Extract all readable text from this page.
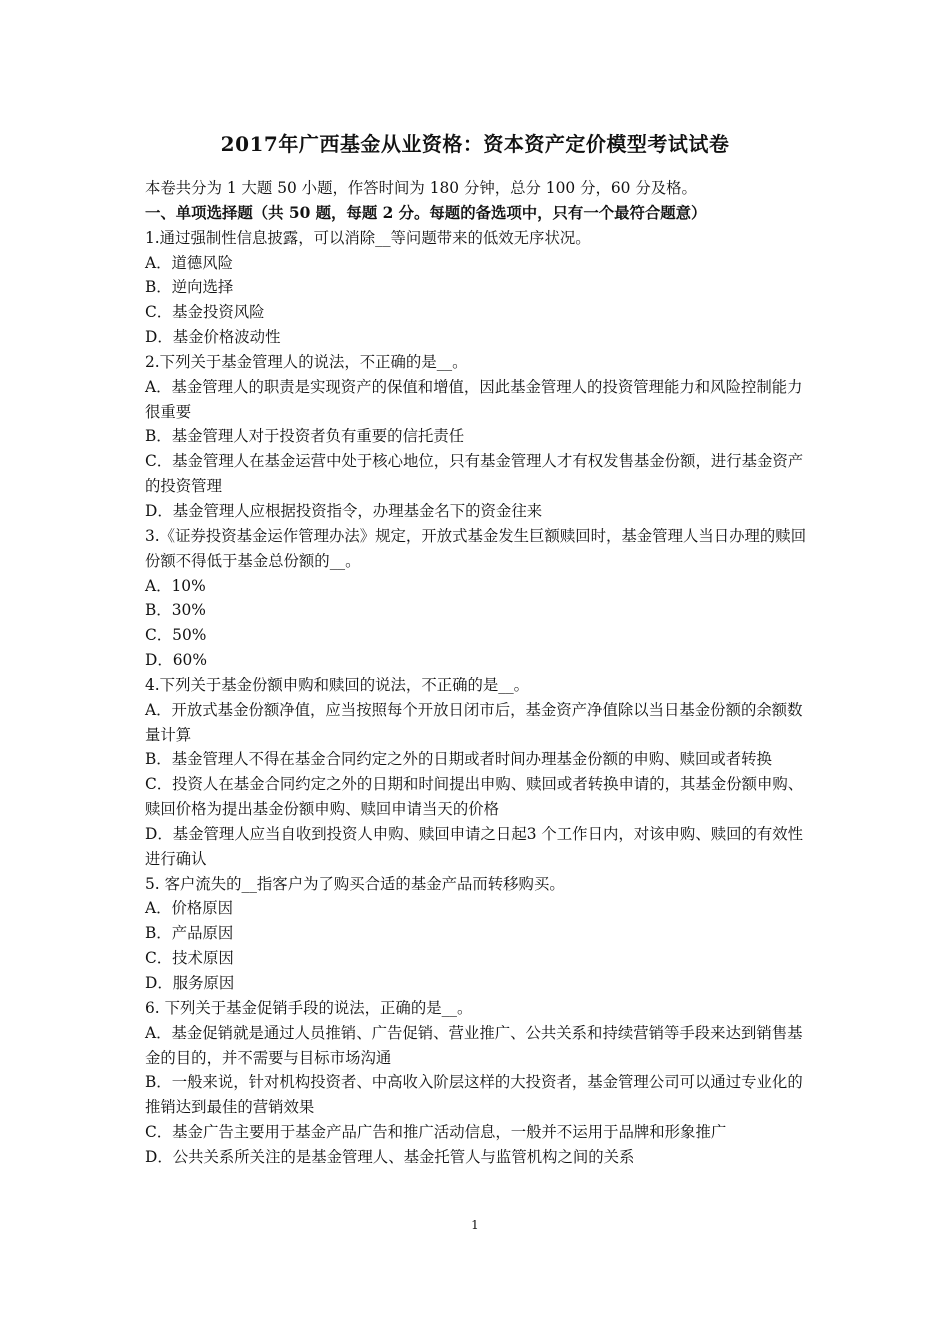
2017年广西基金从业资格：资本资产定价模型考试试卷

本卷共分为 1 大题 50 小题，作答时间为 180 分钟，总分 100 分，60 分及格。

一、单项选择题（共 50 题，每题 2 分。每题的备选项中，只有一个最符合题意）

1.通过强制性信息披露，可以消除__等问题带来的低效无序状况。

A．道德风险

B．逆向选择

C．基金投资风险

D．基金价格波动性

2.下列关于基金管理人的说法，不正确的是__。

A．基金管理人的职责是实现资产的保值和增值，因此基金管理人的投资管理能力和风险控制能力很重要

B．基金管理人对于投资者负有重要的信托责任

C．基金管理人在基金运营中处于核心地位，只有基金管理人才有权发售基金份额，进行基金资产的投资管理

D．基金管理人应根据投资指令，办理基金名下的资金往来

3.《证券投资基金运作管理办法》规定，开放式基金发生巨额赎回时，基金管理人当日办理的赎回份额不得低于基金总份额的__。

A．10%

B．30%

C．50%

D．60%

4.下列关于基金份额申购和赎回的说法，不正确的是__。

A．开放式基金份额净值，应当按照每个开放日闭市后，基金资产净值除以当日基金份额的余额数量计算

B．基金管理人不得在基金合同约定之外的日期或者时间办理基金份额的申购、赎回或者转换

C．投资人在基金合同约定之外的日期和时间提出申购、赎回或者转换申请的，其基金份额申购、赎回价格为提出基金份额申购、赎回申请当天的价格

D．基金管理人应当自收到投资人申购、赎回申请之日起3 个工作日内，对该申购、赎回的有效性进行确认

5. 客户流失的__指客户为了购买合适的基金产品而转移购买。

A．价格原因

B．产品原因

C．技术原因

D．服务原因

6. 下列关于基金促销手段的说法，正确的是__。

A．基金促销就是通过人员推销、广告促销、营业推广、公共关系和持续营销等手段来达到销售基金的目的，并不需要与目标市场沟通

B．一般来说，针对机构投资者、中高收入阶层这样的大投资者，基金管理公司可以通过专业化的推销达到最佳的营销效果

C．基金广告主要用于基金产品广告和推广活动信息，一般并不运用于品牌和形象推广

D．公共关系所关注的是基金管理人、基金托管人与监管机构之间的关系

1
